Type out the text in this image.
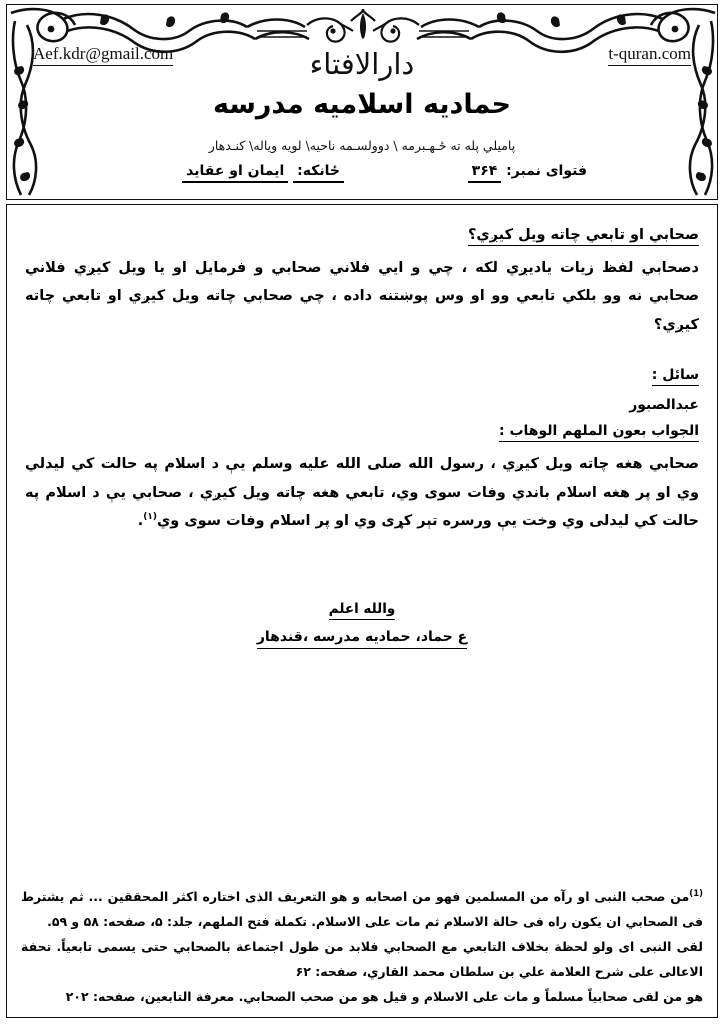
Aef.kdr@gmail.com	t-quran.com
دارالافتاء
حماديه اسلاميه مدرسه
پاميلي پله ته ځـهـبرمه \ دوولسـمه ناحيه\ لويه وياله\ كنـدهار
فتواى نمبر: ۳۶۴
ځانكه: ايمان او عقايد
صحابي او تابعي چاته ويل كيږي؟
دصحابي لفظ زيات ياديږي لكه ، چي و ايي فلاني صحابي و فرمايل او يا ويل كيږي فلاني صحابي نه وو بلكي تابعي وو او وس پوښتنه داده ، چي صحابي چاته ويل كيږي او تابعي چاته كيږي؟
سائل :
عبدالصبور
الجواب بعون الملهم الوهاب :
صحابي هغه چاته ويل كيږي ، رسول الله صلى الله عليه وسلم يې د اسلام په حالت كي ليدلي وي او پر هغه اسلام باندي وفات سوى وي، تابعي هغه چاته ويل كيږي ، صحابي يې د اسلام په حالت كي ليدلى وي وخت يې ورسره تېر كړى وي او پر اسلام وفات سوى وي$^{(۱)}$.
والله اعلم
ع حماد، حماديه مدرسه ،قندهار
$^{(1)}$من صحب النبى او رآه من المسلمين فهو من اصحابه و هو التعريف الذى اختاره اكثر المحققين ... ثم يشترط فى الصحابي ان يكون راه فى حالة الاسلام ثم مات على الاسلام. تكملة فتح الملهم، جلد: ۵، صفحه: ۵۸ و ۵۹.
لقى النبى اى ولو لحظة بخلاف التابعي مع الصحابي فلابد من طول اجتماعة بالصحابي حتى يسمى تابعياً. تحفة الاعالى على شرح العلامة علي بن سلطان محمد القاري، صفحه: ۶۲
هو من لقى صحابياً مسلماً و مات على الاسلام و قيل هو من صحب الصحابي. معرفة التابعين، صفحه: ۲۰۲
